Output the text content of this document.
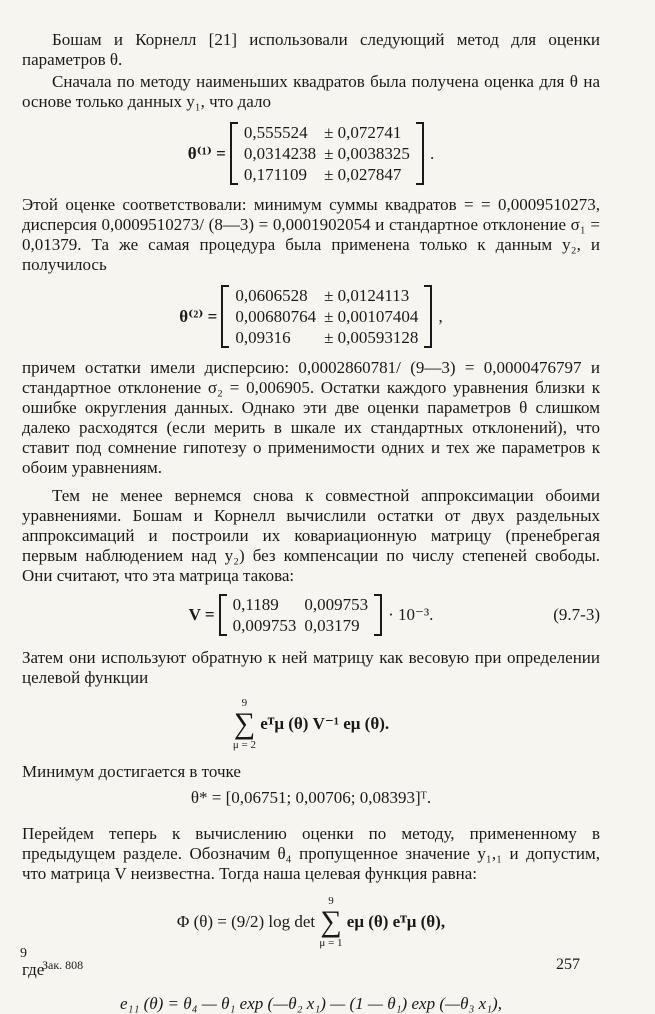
Бошам и Корнелл [21] использовали следующий метод для оценки параметров θ.

Сначала по методу наименьших квадратов была получена оценка для θ на основе только данных y₁, что дало

θ⁽¹⁾ =
0,555524	± 0,072741
0,0314238	± 0,0038325
0,171109	± 0,027847
.

Этой оценке соответствовали: минимум суммы квадратов = = 0,0009510273, дисперсия 0,0009510273/ (8—3) = 0,0001902054 и стандартное отклонение σ₁ = 0,01379. Та же самая процедура была применена только к данным y₂, и получилось

θ⁽²⁾ =
0,0606528	± 0,0124113
0,00680764	± 0,00107404
0,09316	± 0,00593128
,

причем остатки имели дисперсию: 0,0002860781/ (9—3) = 0,0000476797 и стандартное отклонение σ₂ = 0,006905. Остатки каждого уравнения близки к ошибке округления данных. Однако эти две оценки параметров θ слишком далеко расходятся (если мерить в шкале их стандартных отклонений), что ставит под сомнение гипотезу о применимости одних и тех же параметров к обоим уравнениям.

Тем не менее вернемся снова к совместной аппроксимации обоими уравнениями. Бошам и Корнелл вычислили остатки от двух раздельных аппроксимаций и построили их ковариационную матрицу (пренебрегая первым наблюдением над y₂) без компенсации по числу степеней свободы. Они считают, что эта матрица такова:

V =
0,1189	0,009753
0,009753	0,03179
· 10⁻³.	(9.7-3)

Затем они используют обратную к ней матрицу как весовую при определении целевой функции

9
∑
μ = 2
eᵀμ (θ) V⁻¹ eμ (θ).

Минимум достигается в точке

θ* = [0,06751; 0,00706; 0,08393]ᵀ.

Перейдем теперь к вычислению оценки по методу, примененному в предыдущем разделе. Обозначим θ₄ пропущенное значение y₁,₁ и допустим, что матрица V неизвестна. Тогда наша целевая функция равна:

Φ (θ) = (9/2) log det
9
∑
μ = 1
eμ (θ) eᵀμ (θ),

где

e₁₁ (θ) = θ₄ — θ₁ exp (—θ₂ x₁) — (1 — θ₁) exp (—θ₃ x₁),

9
Зак. 808	257
